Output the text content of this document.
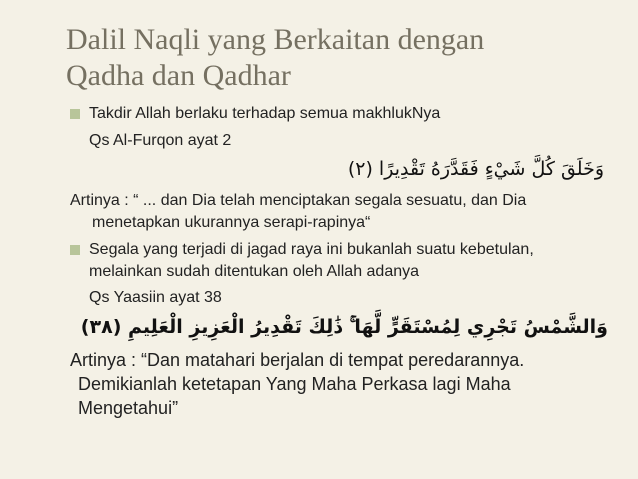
Dalil Naqli yang Berkaitan dengan
Qadha dan Qadhar

Takdir Allah berlaku terhadap semua makhlukNya

Qs Al-Furqon ayat 2

وَخَلَقَ كُلَّ شَيْءٍ فَقَدَّرَهُ تَقْدِيرًا (٢)

Artinya : “ ... dan Dia telah menciptakan segala sesuatu, dan Dia

menetapkan ukurannya serapi-rapinya“

Segala yang terjadi di jagad raya ini bukanlah suatu kebetulan,

melainkan sudah ditentukan oleh Allah adanya

Qs Yaasiin ayat 38

وَالشَّمْسُ تَجْرِي لِمُسْتَقَرٍّ لَّهَا ۚ ذَٰلِكَ تَقْدِيرُ الْعَزِيزِ الْعَلِيمِ (٣٨)

Artinya : “Dan matahari berjalan di tempat peredarannya.

Demikianlah ketetapan Yang Maha Perkasa lagi Maha

Mengetahui”
